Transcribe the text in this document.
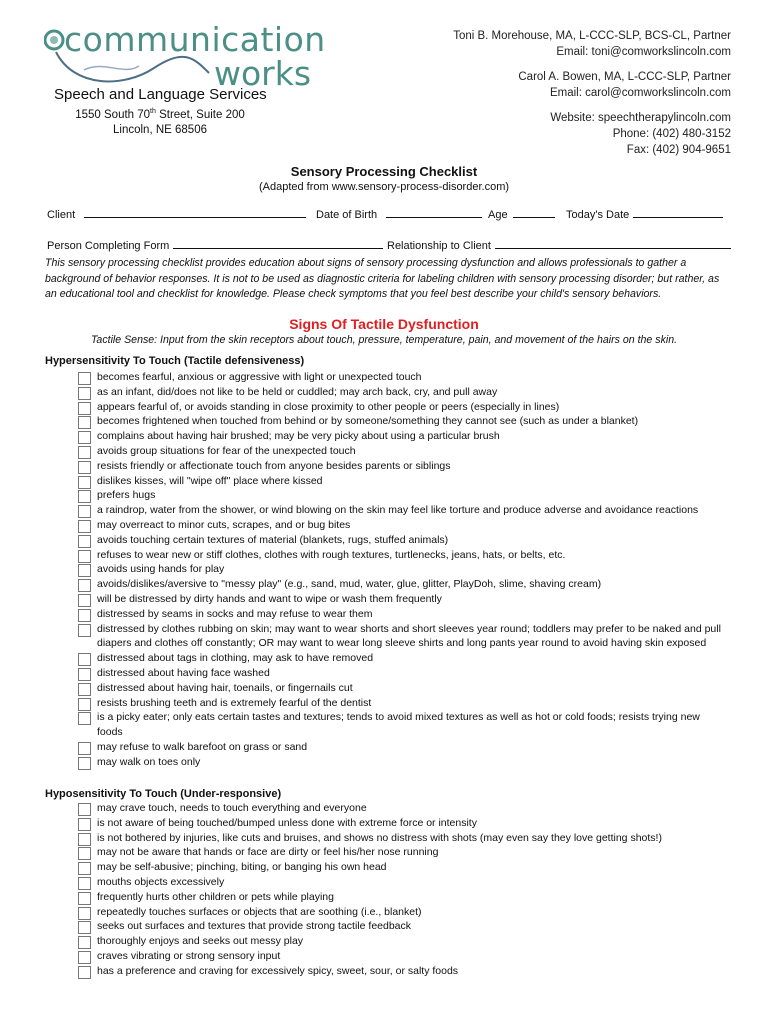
communication
works
Speech and Language Services
1550 South 70th Street, Suite 200
Lincoln, NE 68506
Toni B. Morehouse, MA, L-CCC-SLP, BCS-CL, Partner
Email: toni@comworkslincoln.com
Carol A. Bowen, MA, L-CCC-SLP, Partner
Email: carol@comworkslincoln.com
Website: speechtherapylincoln.com
Phone: (402) 480-3152
Fax: (402) 904-9651
Sensory Processing Checklist
(Adapted from www.sensory-process-disorder.com)
Client	Date of Birth	Age	Today's Date
Person Completing Form	Relationship to Client
This sensory processing checklist provides education about signs of sensory processing dysfunction and allows professionals to gather a background of behavior responses. It is not to be used as diagnostic criteria for labeling children with sensory processing disorder; but rather, as an educational tool and checklist for knowledge. Please check symptoms that you feel best describe your child's sensory behaviors.
Signs Of Tactile Dysfunction
Tactile Sense: Input from the skin receptors about touch, pressure, temperature, pain, and movement of the hairs on the skin.
Hypersensitivity To Touch (Tactile defensiveness)
becomes fearful, anxious or aggressive with light or unexpected touch
as an infant, did/does not like to be held or cuddled; may arch back, cry, and pull away
appears fearful of, or avoids standing in close proximity to other people or peers (especially in lines)
becomes frightened when touched from behind or by someone/something they cannot see (such as under a blanket)
complains about having hair brushed; may be very picky about using a particular brush
avoids group situations for fear of the unexpected touch
resists friendly or affectionate touch from anyone besides parents or siblings
dislikes kisses, will "wipe off" place where kissed
prefers hugs
a raindrop, water from the shower, or wind blowing on the skin may feel like torture and produce adverse and avoidance reactions
may overreact to minor cuts, scrapes, and or bug bites
avoids touching certain textures of material (blankets, rugs, stuffed animals)
refuses to wear new or stiff clothes, clothes with rough textures, turtlenecks, jeans, hats, or belts, etc.
avoids using hands for play
avoids/dislikes/aversive to "messy play" (e.g., sand, mud, water, glue, glitter, PlayDoh, slime, shaving cream)
will be distressed by dirty hands and want to wipe or wash them frequently
distressed by seams in socks and may refuse to wear them
distressed by clothes rubbing on skin; may want to wear shorts and short sleeves year round; toddlers may prefer to be naked and pull diapers and clothes off constantly; OR may want to wear long sleeve shirts and long pants year round to avoid having skin exposed
distressed about tags in clothing, may ask to have removed
distressed about having face washed
distressed about having hair, toenails, or fingernails cut
resists brushing teeth and is extremely fearful of the dentist
is a picky eater; only eats certain tastes and textures; tends to avoid mixed textures as well as hot or cold foods; resists trying new foods
may refuse to walk barefoot on grass or sand
may walk on toes only
Hyposensitivity To Touch (Under-responsive)
may crave touch, needs to touch everything and everyone
is not aware of being touched/bumped unless done with extreme force or intensity
is not bothered by injuries, like cuts and bruises, and shows no distress with shots (may even say they love getting shots!)
may not be aware that hands or face are dirty or feel his/her nose running
may be self-abusive; pinching, biting, or banging his own head
mouths objects excessively
frequently hurts other children or pets while playing
repeatedly touches surfaces or objects that are soothing (i.e., blanket)
seeks out surfaces and textures that provide strong tactile feedback
thoroughly enjoys and seeks out messy play
craves vibrating or strong sensory input
has a preference and craving for excessively spicy, sweet, sour, or salty foods
